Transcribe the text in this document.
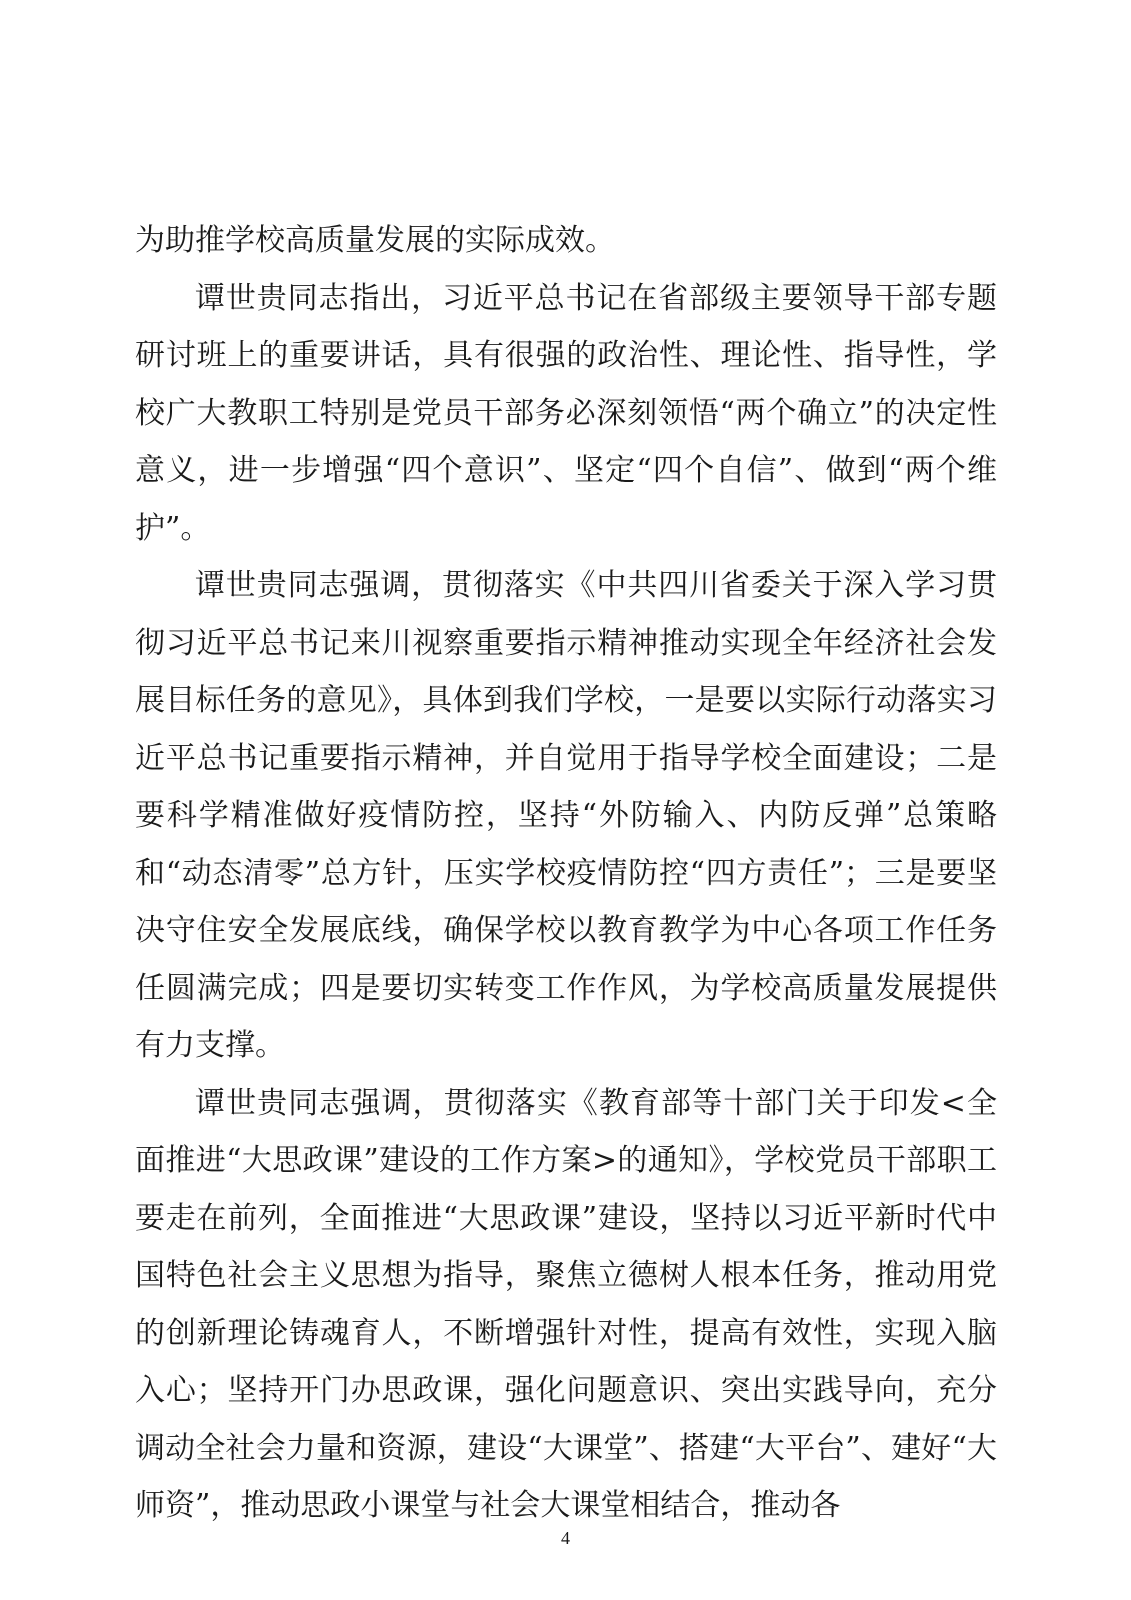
为助推学校高质量发展的实际成效。

谭世贵同志指出，习近平总书记在省部级主要领导干部专题研讨班上的重要讲话，具有很强的政治性、理论性、指导性，学校广大教职工特别是党员干部务必深刻领悟“两个确立”的决定性意义，进一步增强“四个意识”、坚定“四个自信”、做到“两个维护”。

谭世贵同志强调，贯彻落实《中共四川省委关于深入学习贯彻习近平总书记来川视察重要指示精神推动实现全年经济社会发展目标任务的意见》，具体到我们学校，一是要以实际行动落实习近平总书记重要指示精神，并自觉用于指导学校全面建设；二是要科学精准做好疫情防控，坚持“外防输入、内防反弹”总策略和“动态清零”总方针，压实学校疫情防控“四方责任”；三是要坚决守住安全发展底线，确保学校以教育教学为中心各项工作任务任圆满完成；四是要切实转变工作作风，为学校高质量发展提供有力支撑。

谭世贵同志强调，贯彻落实《教育部等十部门关于印发<全面推进“大思政课”建设的工作方案>的通知》，学校党员干部职工要走在前列，全面推进“大思政课”建设，坚持以习近平新时代中国特色社会主义思想为指导，聚焦立德树人根本任务，推动用党的创新理论铸魂育人，不断增强针对性，提高有效性，实现入脑入心；坚持开门办思政课，强化问题意识、突出实践导向，充分调动全社会力量和资源，建设“大课堂”、搭建“大平台”、建好“大师资”，推动思政小课堂与社会大课堂相结合，推动各

4
